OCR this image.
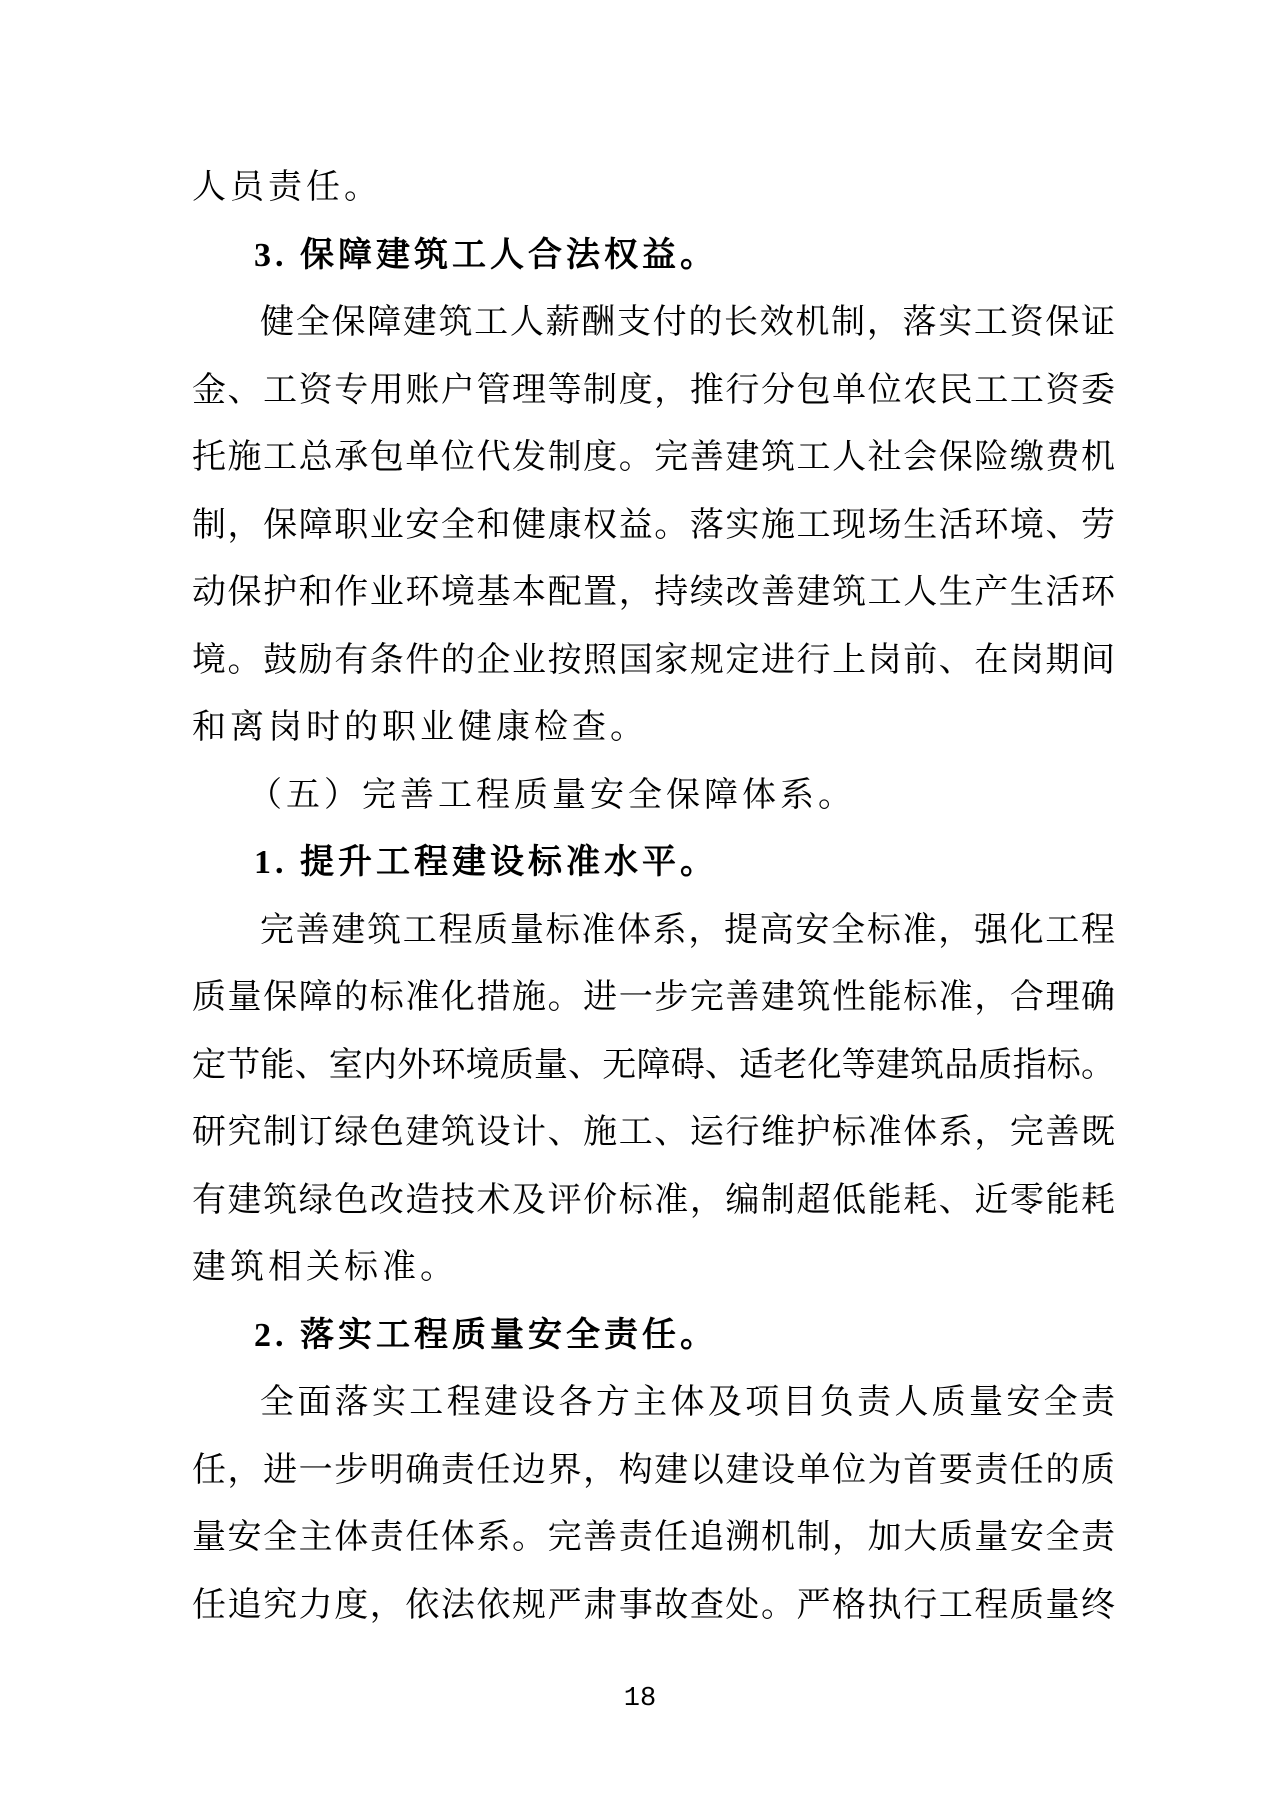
人员责任。
3. 保障建筑工人合法权益。
健全保障建筑工人薪酬支付的长效机制，落实工资保证
金、工资专用账户管理等制度，推行分包单位农民工工资委
托施工总承包单位代发制度。完善建筑工人社会保险缴费机
制，保障职业安全和健康权益。落实施工现场生活环境、劳
动保护和作业环境基本配置，持续改善建筑工人生产生活环
境。鼓励有条件的企业按照国家规定进行上岗前、在岗期间
和离岗时的职业健康检查。
（五）完善工程质量安全保障体系。
1. 提升工程建设标准水平。
完善建筑工程质量标准体系，提高安全标准，强化工程
质量保障的标准化措施。进一步完善建筑性能标准，合理确
定节能、室内外环境质量、无障碍、适老化等建筑品质指标。
研究制订绿色建筑设计、施工、运行维护标准体系，完善既
有建筑绿色改造技术及评价标准，编制超低能耗、近零能耗
建筑相关标准。
2. 落实工程质量安全责任。
全面落实工程建设各方主体及项目负责人质量安全责
任，进一步明确责任边界，构建以建设单位为首要责任的质
量安全主体责任体系。完善责任追溯机制，加大质量安全责
任追究力度，依法依规严肃事故查处。严格执行工程质量终
18
